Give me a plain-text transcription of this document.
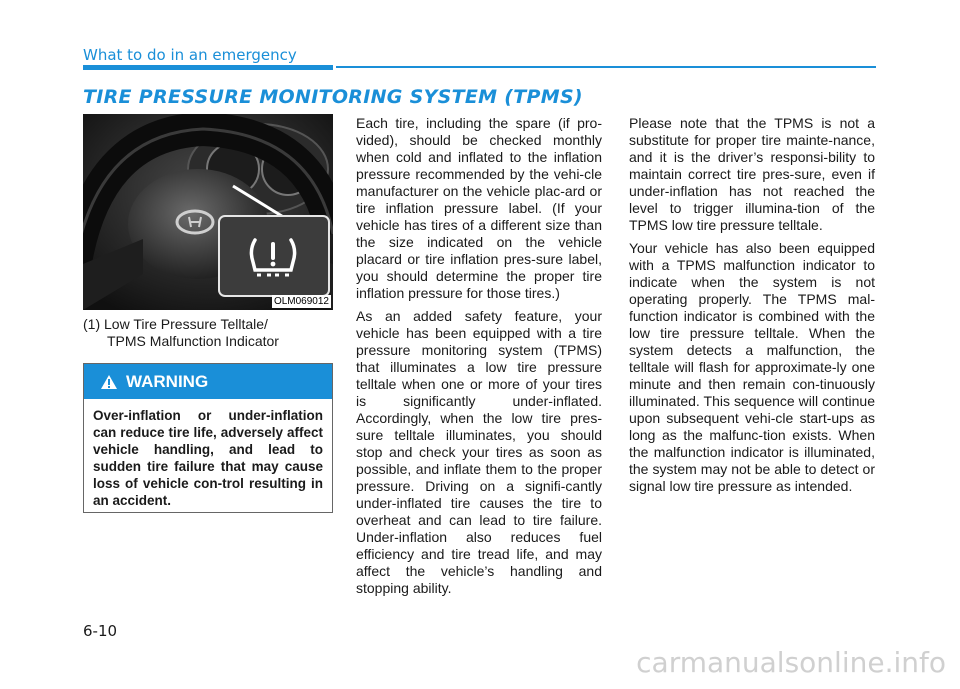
What to do in an emergency
TIRE PRESSURE MONITORING SYSTEM (TPMS)
OLM069012
(1) Low Tire Pressure Telltale/
TPMS Malfunction Indicator
WARNING
Over-inflation or under-inflation can reduce tire life, adversely affect vehicle handling, and lead to sudden tire failure that may cause loss of vehicle con-trol resulting in an accident.

Each tire, including the spare (if pro-vided), should be checked monthly when cold and inflated to the inflation pressure recommended by the vehi-cle manufacturer on the vehicle plac-ard or tire inflation pressure label. (If your vehicle has tires of a different size than the size indicated on the vehicle placard or tire inflation pres-sure label, you should determine the proper tire inflation pressure for those tires.)

As an added safety feature, your vehicle has been equipped with a tire pressure monitoring system (TPMS) that illuminates a low tire pressure telltale when one or more of your tires is significantly under-inflated. Accordingly, when the low tire pres-sure telltale illuminates, you should stop and check your tires as soon as possible, and inflate them to the proper pressure. Driving on a signifi-cantly under-inflated tire causes the tire to overheat and can lead to tire failure. Under-inflation also reduces fuel efficiency and tire tread life, and may affect the vehicle’s handling and stopping ability.

Please note that the TPMS is not a substitute for proper tire mainte-nance, and it is the driver’s responsi-bility to maintain correct tire pres-sure, even if under-inflation has not reached the level to trigger illumina-tion of the TPMS low tire pressure telltale.

Your vehicle has also been equipped with a TPMS malfunction indicator to indicate when the system is not operating properly. The TPMS mal-function indicator is combined with the low tire pressure telltale. When the system detects a malfunction, the telltale will flash for approximate-ly one minute and then remain con-tinuously illuminated. This sequence will continue upon subsequent vehi-cle start-ups as long as the malfunc-tion exists. When the malfunction indicator is illuminated, the system may not be able to detect or signal low tire pressure as intended.

6-10
carmanualsonline.info
